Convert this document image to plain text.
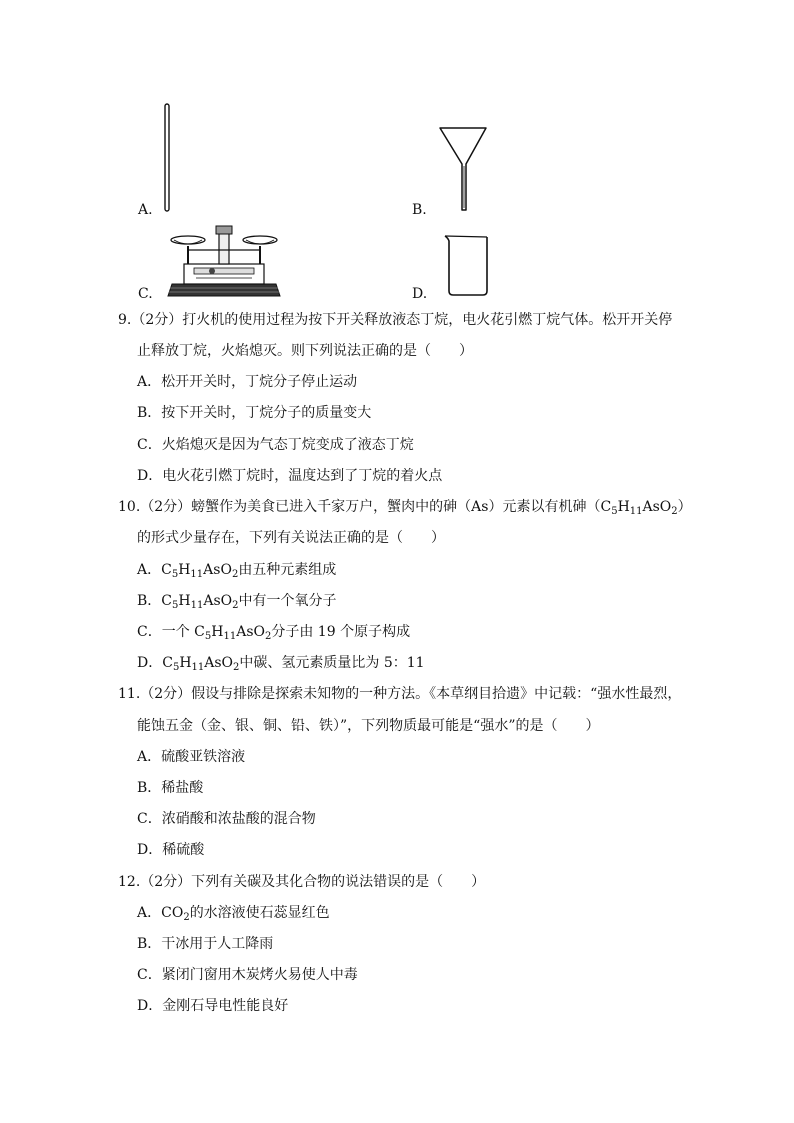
A.	B.
C.	D.
9.（2分）打火机的使用过程为按下开关释放液态丁烷，电火花引燃丁烷气体。松开开关停
止释放丁烷，火焰熄灭。则下列说法正确的是（　　）
A．松开开关时，丁烷分子停止运动
B．按下开关时，丁烷分子的质量变大
C．火焰熄灭是因为气态丁烷变成了液态丁烷
D．电火花引燃丁烷时，温度达到了丁烷的着火点
10.（2分）螃蟹作为美食已进入千家万户，蟹肉中的砷（As）元素以有机砷$(C_5H_{11}AsO_2)$
的形式少量存在，下列有关说法正确的是（　　）
A．$C_5H_{11}AsO_2$由五种元素组成
B．$C_5H_{11}AsO_2$中有一个氧分子
C．一个 $C_5H_{11}AsO_2$分子由 19 个原子构成
D．$C_5H_{11}AsO_2$中碳、氢元素质量比为 5：11
11.（2分）假设与排除是探索未知物的一种方法。《本草纲目拾遗》中记载：“强水性最烈，
能蚀五金（金、银、铜、铅、铁）”，下列物质最可能是“强水”的是（　　）
A．硫酸亚铁溶液
B．稀盐酸
C．浓硝酸和浓盐酸的混合物
D．稀硫酸
12.（2分）下列有关碳及其化合物的说法错误的是（　　）
A．$CO_2$的水溶液使石蕊显红色
B．干冰用于人工降雨
C．紧闭门窗用木炭烤火易使人中毒
D．金刚石导电性能良好
